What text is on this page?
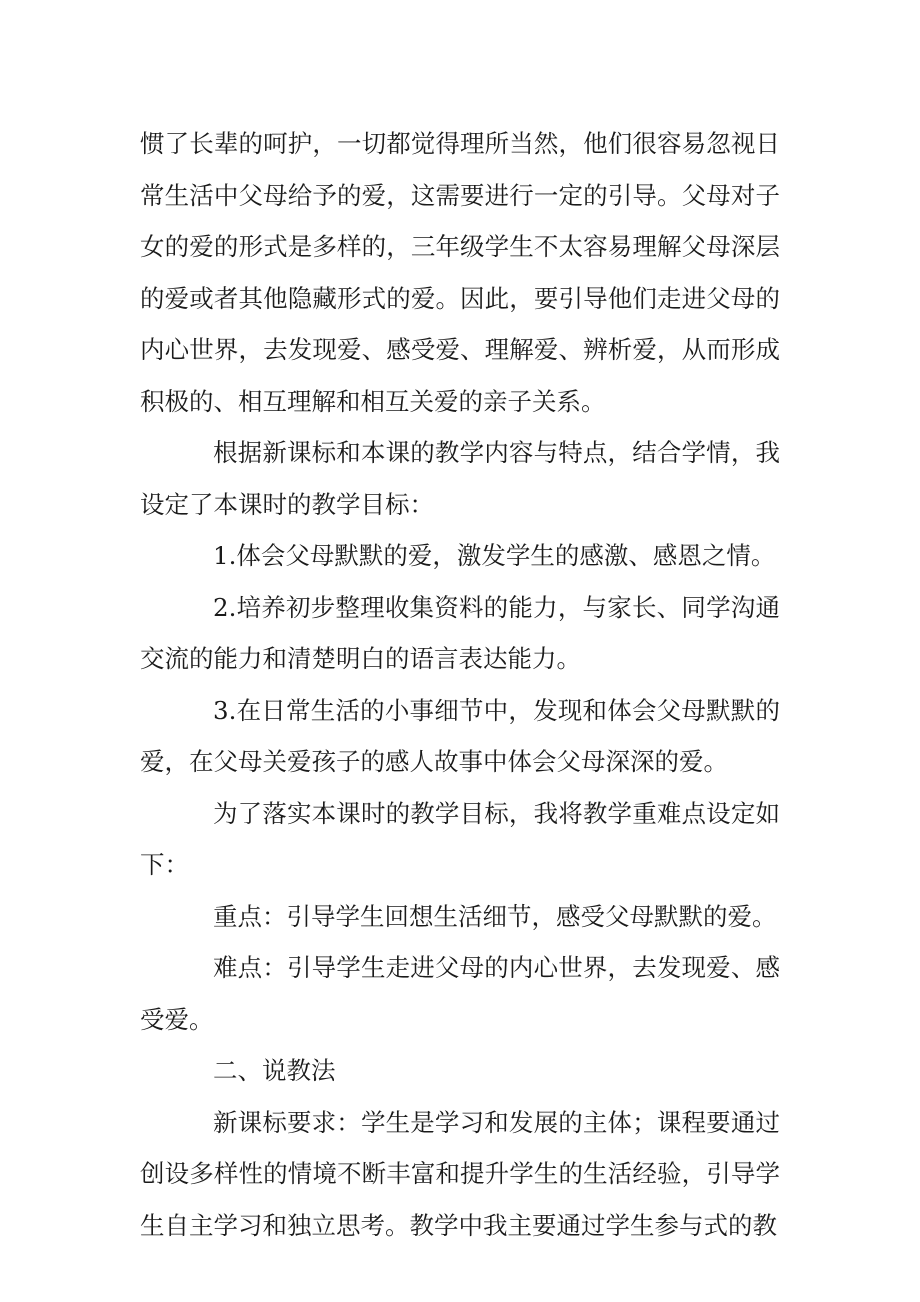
惯了长辈的呵护，一切都觉得理所当然，他们很容易忽视日常生活中父母给予的爱，这需要进行一定的引导。父母对子女的爱的形式是多样的，三年级学生不太容易理解父母深层的爱或者其他隐藏形式的爱。因此，要引导他们走进父母的内心世界，去发现爱、感受爱、理解爱、辨析爱，从而形成积极的、相互理解和相互关爱的亲子关系。

根据新课标和本课的教学内容与特点，结合学情，我设定了本课时的教学目标：

1.体会父母默默的爱，激发学生的感激、感恩之情。

2.培养初步整理收集资料的能力，与家长、同学沟通交流的能力和清楚明白的语言表达能力。

3.在日常生活的小事细节中，发现和体会父母默默的爱，在父母关爱孩子的感人故事中体会父母深深的爱。

为了落实本课时的教学目标，我将教学重难点设定如下：

重点：引导学生回想生活细节，感受父母默默的爱。

难点：引导学生走进父母的内心世界，去发现爱、感受爱。

二、说教法

新课标要求：学生是学习和发展的主体；课程要通过创设多样性的情境不断丰富和提升学生的生活经验，引导学生自主学习和独立思考。教学中我主要通过学生参与式的教
